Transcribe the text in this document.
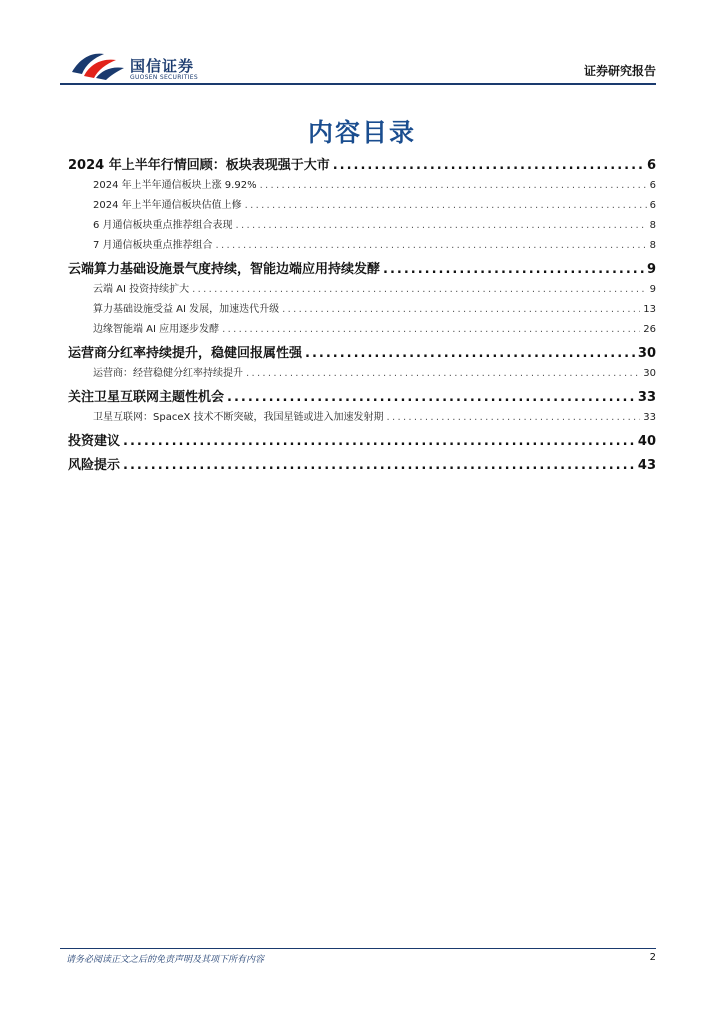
国信证券
GUOSEN SECURITIES	证券研究报告
内容目录
2024 年上半年行情回顾：板块表现强于大市 .....	6
2024 年上半年通信板块上涨 9.92% .....	6
2024 年上半年通信板块估值上修 .....	6
6 月通信板块重点推荐组合表现 .....	8
7 月通信板块重点推荐组合 .....	8
云端算力基础设施景气度持续，智能边端应用持续发酵 .....	9
云端 AI 投资持续扩大 .....	9
算力基础设施受益 AI 发展，加速迭代升级 .....	13
边缘智能端 AI 应用逐步发酵 .....	26
运营商分红率持续提升，稳健回报属性强 .....	30
运营商：经营稳健分红率持续提升 .....	30
关注卫星互联网主题性机会 .....	33
卫星互联网：SpaceX 技术不断突破，我国星链或进入加速发射期 .....	33
投资建议 .....	40
风险提示 .....	43
请务必阅读正文之后的免责声明及其项下所有内容	2
